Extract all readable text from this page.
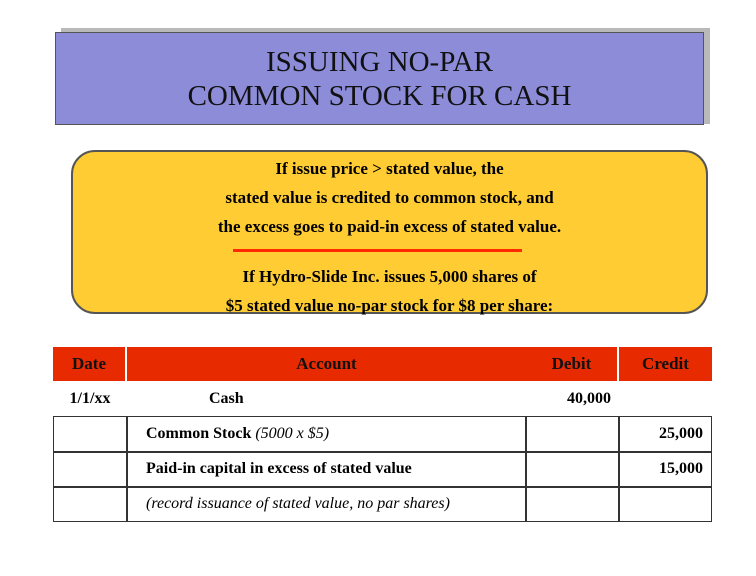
ISSUING NO-PAR
COMMON STOCK FOR CASH
If issue price > stated value, the
stated value is credited to common stock, and
the excess goes to paid-in excess of stated value.
If Hydro-Slide Inc. issues 5,000 shares of
$5 stated value no-par stock for $8 per share:
Date	Account	Debit	Credit
1/1/xx	Cash	40,000	
	Common Stock (5000 x $5)		25,000
	Paid-in capital in excess of stated value		15,000
	(record issuance of stated value, no par shares)		
